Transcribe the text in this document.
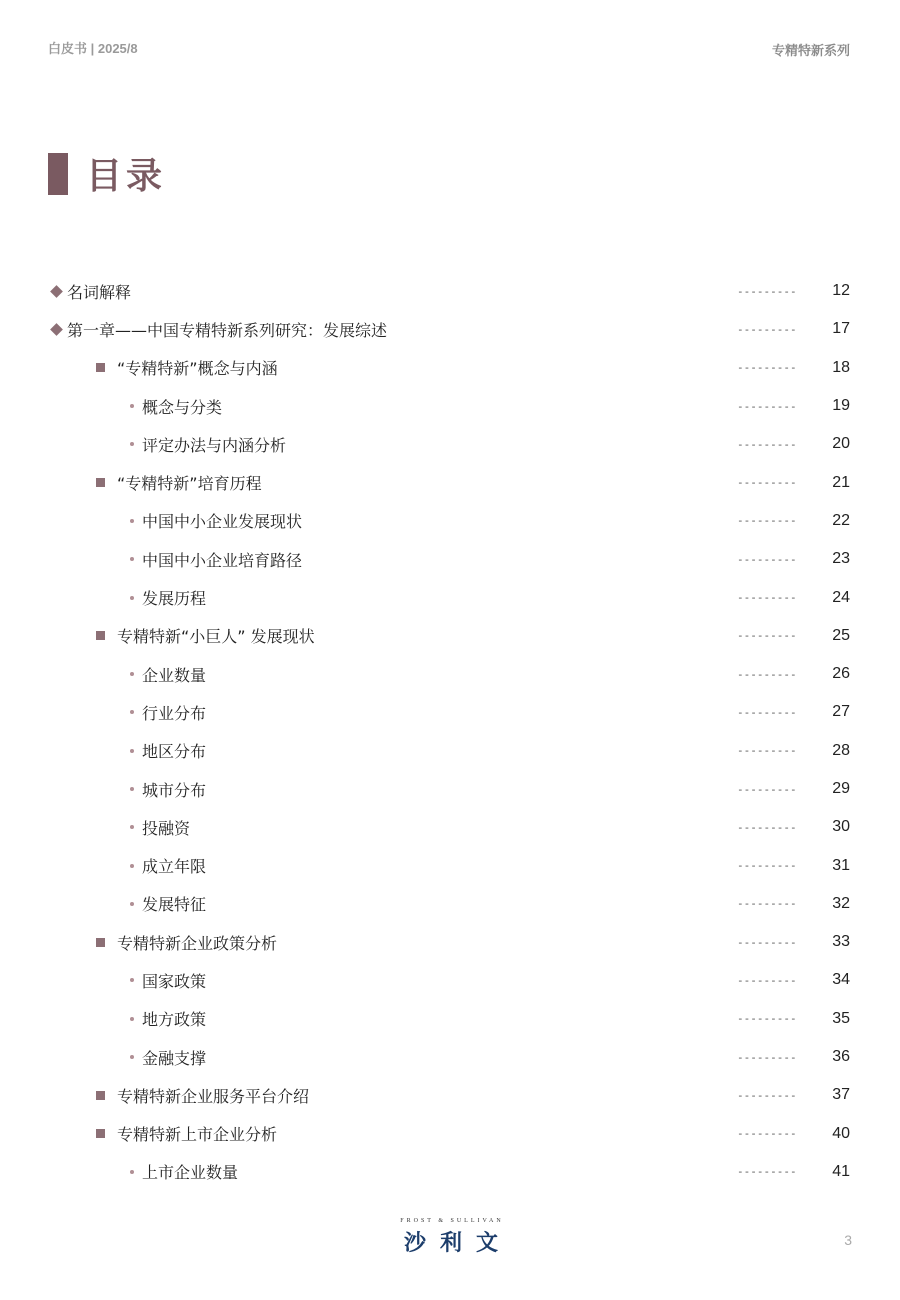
白皮书 | 2025/8	专精特新系列
目录
名词解释	---------	12
第一章——中国专精特新系列研究：发展综述	---------	17
“专精特新”概念与内涵	---------	18
概念与分类	---------	19
评定办法与内涵分析	---------	20
“专精特新”培育历程	---------	21
中国中小企业发展现状	---------	22
中国中小企业培育路径	---------	23
发展历程	---------	24
专精特新“小巨人” 发展现状	---------	25
企业数量	---------	26
行业分布	---------	27
地区分布	---------	28
城市分布	---------	29
投融资	---------	30
成立年限	---------	31
发展特征	---------	32
专精特新企业政策分析	---------	33
国家政策	---------	34
地方政策	---------	35
金融支撑	---------	36
专精特新企业服务平台介绍	---------	37
专精特新上市企业分析	---------	40
上市企业数量	---------	41
FROST & SULLIVAN
沙利文	3
